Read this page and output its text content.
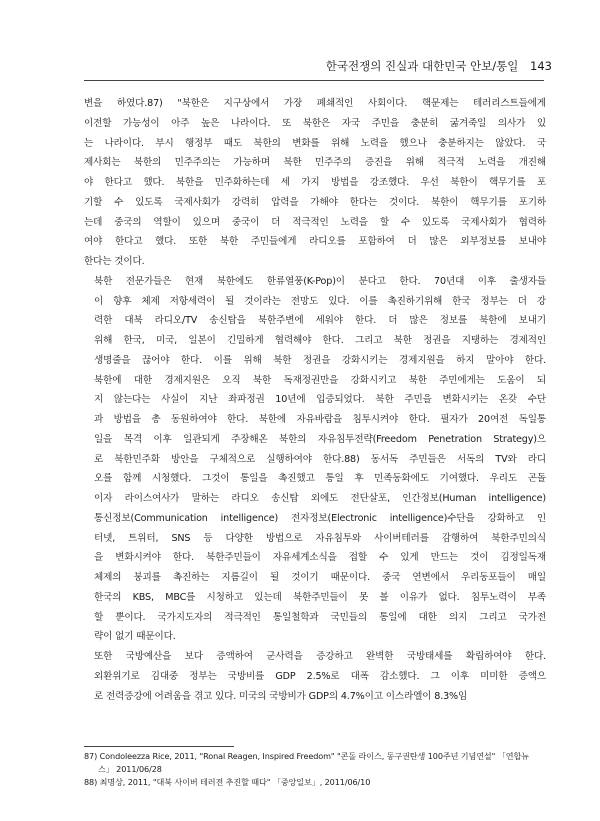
한국전쟁의 진실과 대한민국 안보/통일 143
변을 하였다.87) "북한은 지구상에서 가장 폐쇄적인 사회이다. 핵문제는 테러리스트들에게
이전할 가능성이 아주 높은 나라이다. 또 북한은 자국 주민을 충분히 굶겨죽일 의사가 있
는 나라이다. 부시 행정부 때도 북한의 변화를 위해 노력을 했으나 충분하지는 않았다. 국
제사회는 북한의 민주주의는 가능하며 북한 민주주의 증진을 위해 적극적 노력을 개진해
야 한다고 했다. 북한을 민주화하는데 세 가지 방법을 강조했다. 우선 북한이 핵무기를 포
기할 수 있도록 국제사회가 강력히 압력을 가해야 한다는 것이다. 북한이 핵무기를 포기하
는데 중국의 역할이 있으며 중국이 더 적극적인 노력을 할 수 있도록 국제사회가 협력하
여야 한다고 했다. 또한 북한 주민들에게 라디오를 포함하여 더 많은 외부정보를 보내야
한다는 것이다.
북한 전문가들은 현재 북한에도 한류열풍(K-Pop)이 분다고 한다. 70년대 이후 출생자들
이 향후 체제 저항세력이 될 것이라는 전망도 있다. 이를 촉진하기위해 한국 정부는 더 강
력한 대북 라디오/TV 송신탑을 북한주변에 세워야 한다. 더 많은 정보를 북한에 보내기
위해 한국, 미국, 일본이 긴밀하게 협력해야 한다. 그리고 북한 정권을 지탱하는 경제적인
생명줄을 끊어야 한다. 이를 위해 북한 정권을 강화시키는 경제지원을 하지 말아야 한다.
북한에 대한 경제지원은 오직 북한 독재정권만을 강화시키고 북한 주민에게는 도움이 되
지 않는다는 사실이 지난 좌파정권 10년에 입증되었다. 북한 주민을 변화시키는 온갖 수단
과 방법을 총 동원하여야 한다. 북한에 자유바람을 침투시켜야 한다. 필자가 20여전 독일통
일을 목격 이후 일관되게 주장해온 북한의 자유침투전략(Freedom Penetration Strategy)으
로 북한민주화 방안을 구체적으로 실행하여야 한다.88) 동서독 주민들은 서독의 TV와 라디
오를 함께 시청했다. 그것이 통일을 촉진했고 통일 후 민족동화에도 기여했다. 우리도 곤돌
이자 라이스여사가 말하는 라디오 송신탑 외에도 전단살포, 인간정보(Human intelligence)
통신정보(Communication intelligence) 전자정보(Electronic intelligence)수단을 강화하고 인
터넷, 트위터, SNS 등 다양한 방법으로 자유침투와 사이버테러를 감행하여 북한주민의식
을 변화시켜야 한다. 북한주민들이 자유세계소식을 접할 수 있게 만드는 것이 김정일독재
체제의 붕괴를 촉진하는 지름길이 될 것이기 때문이다. 중국 연변에서 우리동포들이 매일
한국의 KBS, MBC를 시청하고 있는데 북한주민들이 못 볼 이유가 없다. 침투노력이 부족
할 뿐이다. 국가지도자의 적극적인 통일철학과 국민들의 통일에 대한 의지 그리고 국가전
략이 없기 때문이다.
또한 국방예산을 보다 증액하여 군사력을 증강하고 완벽한 국방태세를 확립하여야 한다.
외환위기로 김대중 정부는 국방비를 GDP 2.5%로 대폭 감소했다. 그 이후 미미한 증액으
로 전력증강에 어려움을 겪고 있다. 미국의 국방비가 GDP의 4.7%이고 이스라엘이 8.3%임
87) Condoleezza Rice, 2011, "Ronal Reagen, Inspired Freedom" "콘돌 라이스, 동구권탄생 100주년 기념연설" 「연합뉴
스」 2011/06/28
88) 최명상, 2011, "대북 사이버 테러전 추진할 때다" 「중앙일보」, 2011/06/10
